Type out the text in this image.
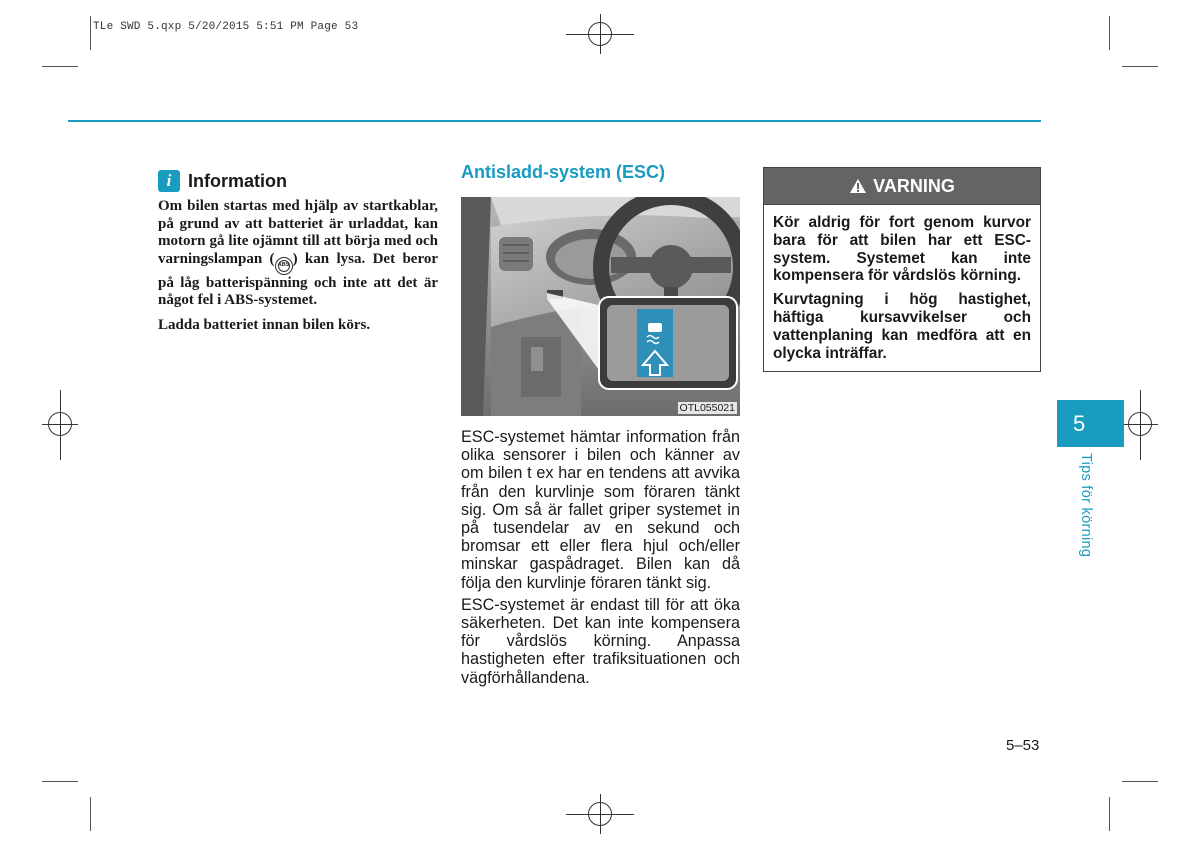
TLe SWD 5.qxp 5/20/2015 5:51 PM Page 53
i Information

Om bilen startas med hjälp av startkablar, på grund av att batteriet är urladdat, kan motorn gå lite ojämnt till att börja med och varningslampan ( ABS ) kan lysa. Det beror på låg batterispänning och inte att det är något fel i ABS-systemet.

Ladda batteriet innan bilen körs.

Antisladd-system (ESC)
OTL055021

ESC-systemet hämtar information från olika sensorer i bilen och känner av om bilen t ex har en tendens att avvika från den kurvlinje som föraren tänkt sig. Om så är fallet griper systemet in på tusendelar av en sekund och bromsar ett eller flera hjul och/eller minskar gaspådraget. Bilen kan då följa den kurvlinje föraren tänkt sig.

ESC-systemet är endast till för att öka säkerheten. Det kan inte kompensera för vårdslös körning. Anpassa hastigheten efter trafiksituationen och vägförhållandena.

VARNING

Kör aldrig för fort genom kurvor bara för att bilen har ett ESC-system. Systemet kan inte kompensera för vårdslös körning.

Kurvtagning i hög hastighet, häftiga kursavvikelser och vattenplaning kan medföra att en olycka inträffar.

5
Tips för körning
5–53
